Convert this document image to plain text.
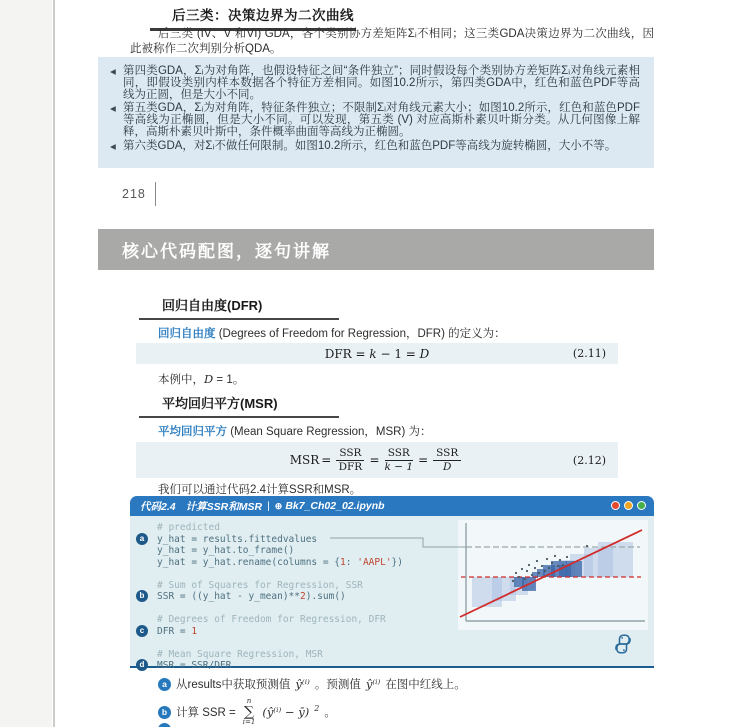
后三类：决策边界为二次曲线
后三类 (IV、V 和VI) GDA，各个类别协方差矩阵Σᵢ不相同；这三类GDA决策边界为二次曲线，因此被称作二次判别分析QDA。
◀ 第四类GDA，Σᵢ为对角阵，也假设特征之间“条件独立”；同时假设每个类别协方差矩阵Σᵢ对角线元素相同，即假设类别内样本数据各个特征方差相同。如图10.2所示，第四类GDA中，红色和蓝色PDF等高线为正圆，但是大小不同。
◀ 第五类GDA，Σᵢ为对角阵，特征条件独立；不限制Σᵢ对角线元素大小；如图10.2所示，红色和蓝色PDF等高线为正椭圆，但是大小不同。可以发现，第五类 (V) 对应高斯朴素贝叶斯分类。从几何图像上解释，高斯朴素贝叶斯中，条件概率曲面等高线为正椭圆。
◀ 第六类GDA，对Σᵢ不做任何限制。如图10.2所示，红色和蓝色PDF等高线为旋转椭圆，大小不等。
218
核心代码配图，逐句讲解
回归自由度(DFR)
回归自由度 (Degrees of Freedom for Regression，DFR) 的定义为：
DFR = k − 1 = D	(2.11)
本例中，D = 1。
平均回归平方(MSR)
平均回归平方 (Mean Square Regression，MSR) 为：
MSR = $\frac{\text{SSR}}{\text{DFR}} = \frac{\text{SSR}}{k - 1} = \frac{\text{SSR}}{D}$	(2.12)
我们可以通过代码2.4计算SSR和MSR。
代码2.4 计算SSR和MSR | ⊕ Bk7_Ch02_02.ipynb
# predicted
a	y_hat = results.fittedvalues
y_hat = y_hat.to_frame()
y_hat = y_hat.rename(columns = {1: 'AAPL'})

# Sum of Squares for Regression, SSR
b	SSR = ((y_hat - y_mean)**2).sum()

# Degrees of Freedom for Regression, DFR
c	DFR = 1

# Mean Square Regression, MSR
d	MSR = SSR/DFR
a 从results中获取预测值 ŷ⁽ⁱ⁾ 。预测值 ŷ⁽ⁱ⁾ 在图中红线上。
b 计算 SSR =
n
∑
i=1
(ŷ⁽ⁱ⁾ − ȳ) 2 。
